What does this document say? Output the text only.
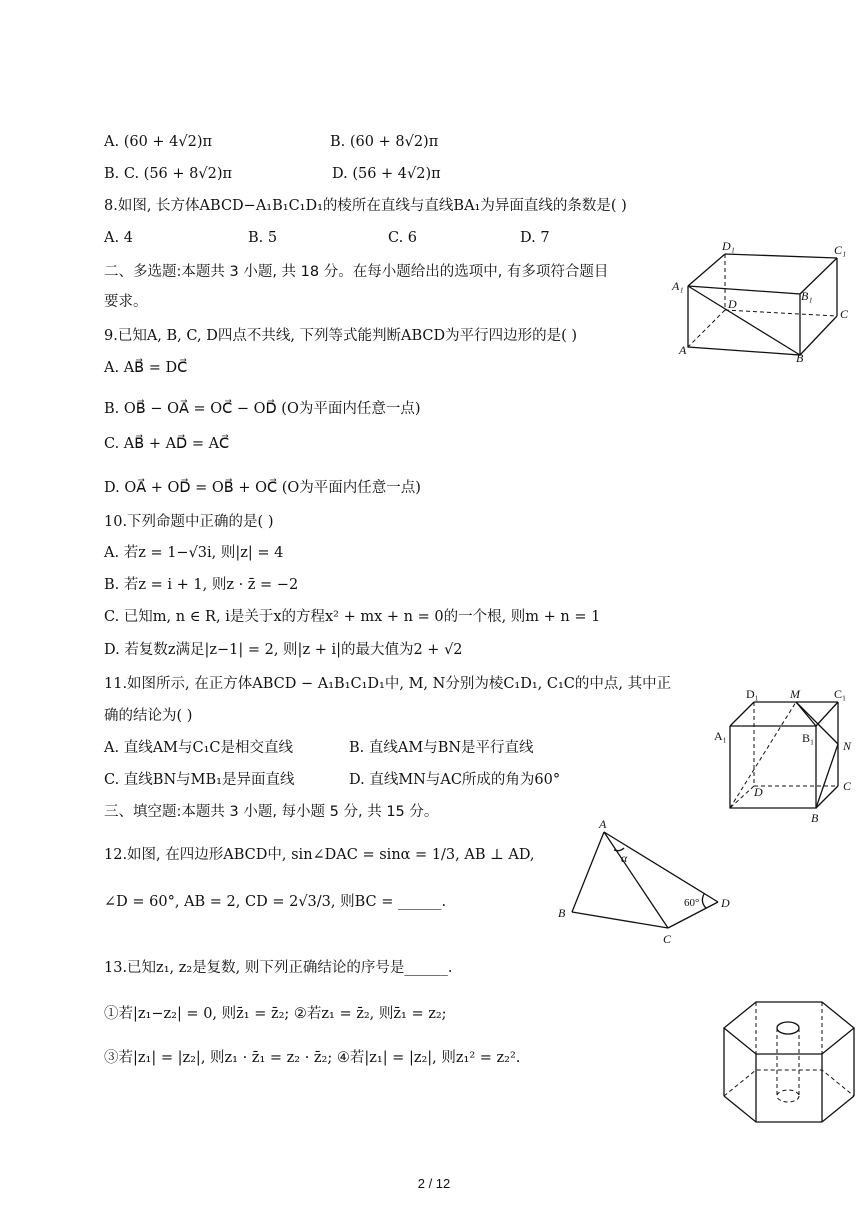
A. (60 + 4√2)π	B. (60 + 8√2)π
B. C. (56 + 8√2)π	D. (56 + 4√2)π
8.如图, 长方体ABCD−A₁B₁C₁D₁的棱所在直线与直线BA₁为异面直线的条数是( )
A. 4	B. 5	C. 6	D. 7
二、多选题:本题共 3 小题, 共 18 分。在每小题给出的选项中, 有多项符合题目
要求。
9.已知A, B, C, D四点不共线, 下列等式能判断ABCD为平行四边形的是( )
A. AB⃗ = DC⃗
B. OB⃗ − OA⃗ = OC⃗ − OD⃗ (O为平面内任意一点)
C. AB⃗ + AD⃗ = AC⃗
D. OA⃗ + OD⃗ = OB⃗ + OC⃗ (O为平面内任意一点)
10.下列命题中正确的是( )
A. 若z = 1−√3i, 则|z| = 4
B. 若z = i + 1, 则z · z̄ = −2
C. 已知m, n ∈ R, i是关于x的方程x² + mx + n = 0的一个根, 则m + n = 1
D. 若复数z满足|z−1| = 2, 则|z + i|的最大值为2 + √2
11.如图所示, 在正方体ABCD − A₁B₁C₁D₁中, M, N分别为棱C₁D₁, C₁C的中点, 其中正
确的结论为( )
A. 直线AM与C₁C是相交直线	B. 直线AM与BN是平行直线
C. 直线BN与MB₁是异面直线	D. 直线MN与AC所成的角为60°
三、填空题:本题共 3 小题, 每小题 5 分, 共 15 分。
12.如图, 在四边形ABCD中, sin∠DAC = sinα = 1/3, AB ⊥ AD,
∠D = 60°, AB = 2, CD = 2√3/3, 则BC = ______.
13.已知z₁, z₂是复数, 则下列正确结论的序号是______.
①若|z₁−z₂| = 0, 则z̄₁ = z̄₂; ②若z₁ = z̄₂, 则z̄₁ = z₂;
③若|z₁| = |z₂|, 则z₁ · z̄₁ = z₂ · z̄₂; ④若|z₁| = |z₂|, 则z₁² = z₂².
D₁	C₁
A₁
B₁
D
C
A
B
D₁	M	C₁
A₁	B₁
N
D	C
B
A
α
60° D
B
C
2 / 12
